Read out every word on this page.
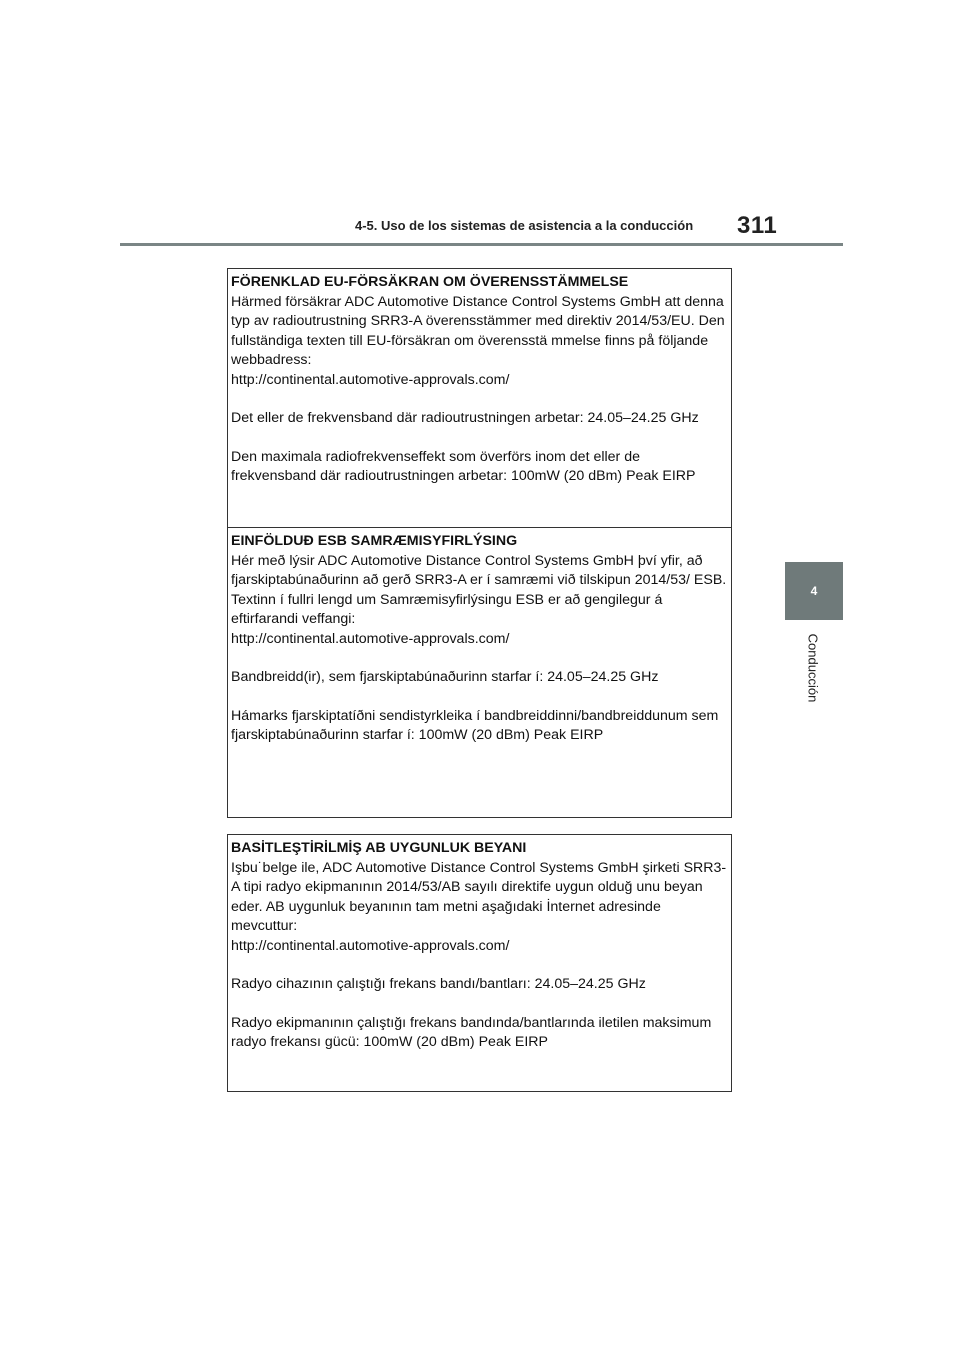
4-5. Uso de los sistemas de asistencia a la conducción 311
4
Conducción
FÖRENKLAD EU-FÖRSÄKRAN OM ÖVERENSSTÄMMELSE

Härmed försäkrar ADC Automotive Distance Control Systems GmbH att denna typ av radioutrustning SRR3-A överensstämmer med direktiv 2014/53/EU. Den fullständiga texten till EU-försäkran om överensstä mmelse finns på följande webbadress:

http://continental.automotive-approvals.com/

Det eller de frekvensband där radioutrustningen arbetar: 24.05–24.25 GHz

Den maximala radiofrekvenseffekt som överförs inom det eller de frekvensband där radioutrustningen arbetar: 100mW (20 dBm) Peak EIRP

EINFÖLDUÐ ESB SAMRÆMISYFIRLÝSING

Hér með lýsir ADC Automotive Distance Control Systems GmbH því yfir, að fjarskiptabúnaðurinn að gerð SRR3-A er í samræmi við tilskipun 2014/53/ ESB. Textinn í fullri lengd um Samræmisyfirlýsingu ESB er að gengilegur á eftirfarandi veffangi:

http://continental.automotive-approvals.com/

Bandbreidd(ir), sem fjarskiptabúnaðurinn starfar í: 24.05–24.25 GHz

Hámarks fjarskiptatíðni sendistyrkleika í bandbreiddinni/bandbreiddunum sem fjarskiptabúnaðurinn starfar í: 100mW (20 dBm) Peak EIRP

BASİTLEŞTİRİLMİŞ AB UYGUNLUK BEYANI

Işbu˙belge ile, ADC Automotive Distance Control Systems GmbH şirketi SRR3-A tipi radyo ekipmanının 2014/53/AB sayılı direktife uygun olduğ unu beyan eder. AB uygunluk beyanının tam metni aşağıdaki İnternet adresinde mevcuttur:

http://continental.automotive-approvals.com/

Radyo cihazının çalıştığı frekans bandı/bantları: 24.05–24.25 GHz

Radyo ekipmanının çalıştığı frekans bandında/bantlarında iletilen maksimum radyo frekansı gücü: 100mW (20 dBm) Peak EIRP
